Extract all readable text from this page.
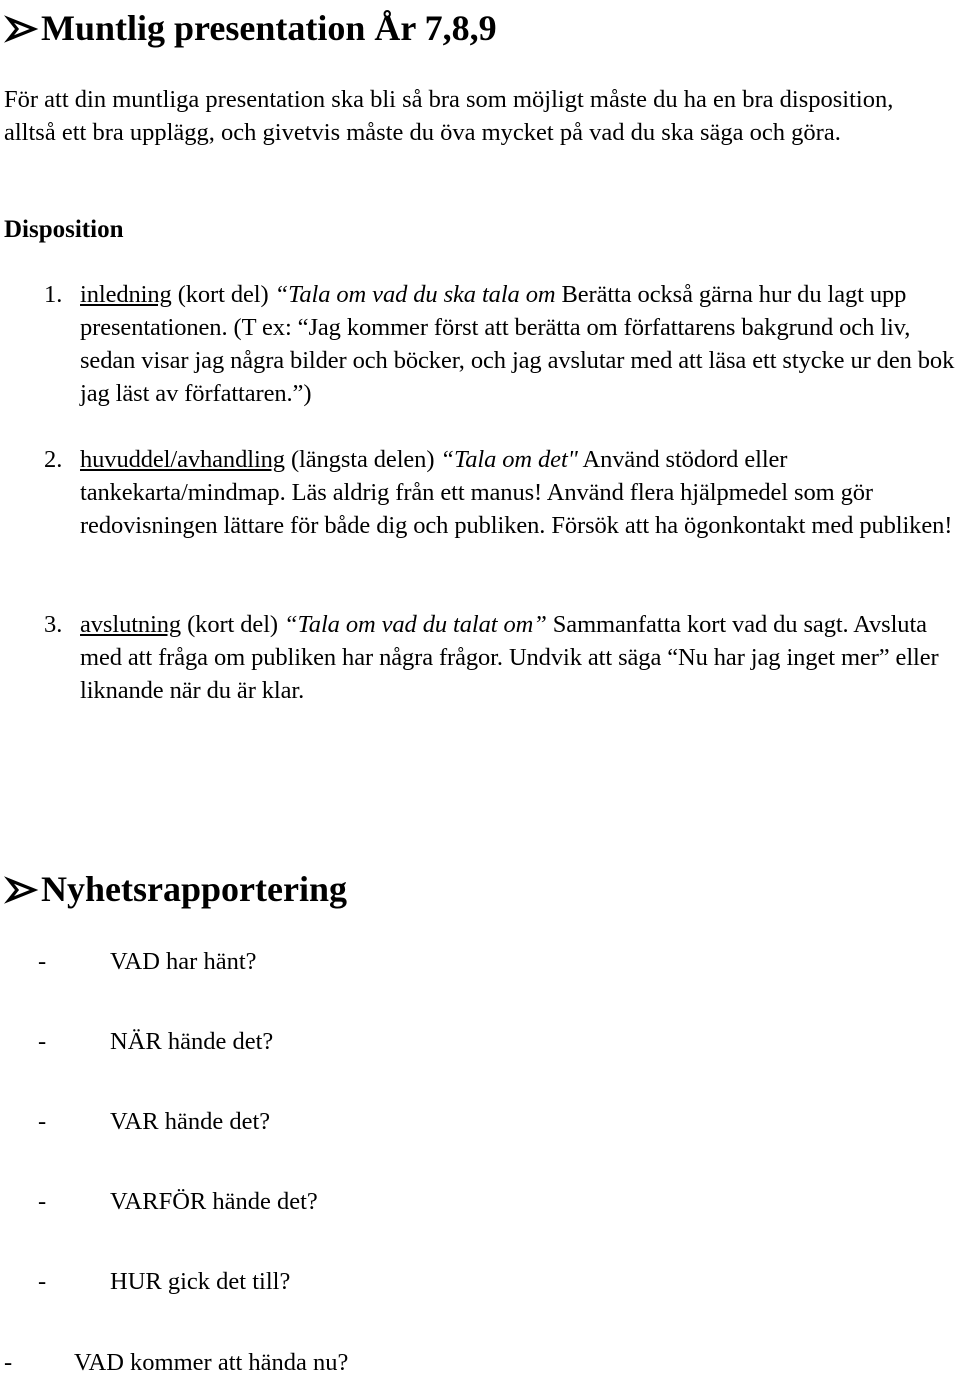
Muntlig presentation År 7,8,9

För att din muntliga presentation ska bli så bra som möjligt måste du ha en bra disposition, alltså ett bra upplägg, och givetvis måste du öva mycket på vad du ska säga och göra.

Disposition
1. inledning (kort del) “Tala om vad du ska tala om Berätta också gärna hur du lagt upp presentationen. (T ex: “Jag kommer först att berätta om författarens bakgrund och liv, sedan visar jag några bilder och böcker, och jag avslutar med att läsa ett stycke ur den bok jag läst av författaren.”)

2. huvuddel/avhandling (längsta delen) “Tala om det" Använd stödord eller tankekarta/mindmap. Läs aldrig från ett manus! Använd flera hjälpmedel som gör redovisningen lättare för både dig och publiken. Försök att ha ögonkontakt med publiken!

3. avslutning (kort del) “Tala om vad du talat om” Sammanfatta kort vad du sagt. Avsluta med att fråga om publiken har några frågor. Undvik att säga “Nu har jag inget mer” eller liknande när du är klar.

Nyhetsrapportering
-	VAD har hänt?
-	NÄR hände det?
-	VAR hände det?
-	VARFÖR hände det?
-	HUR gick det till?
-	VAD kommer att hända nu?
